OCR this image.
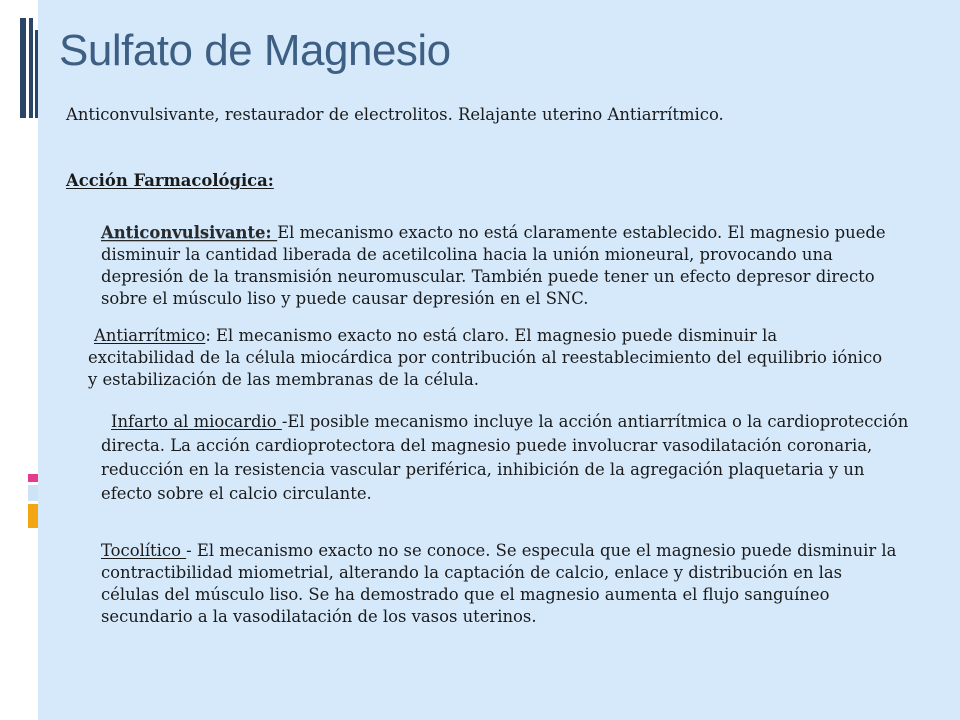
Sulfato de Magnesio

Anticonvulsivante, restaurador de electrolitos. Relajante uterino Antiarrítmico.

Acción Farmacológica:

Anticonvulsivante: El mecanismo exacto no está claramente establecido. El magnesio puede disminuir la cantidad liberada de acetilcolina hacia la unión mioneural, provocando una depresión de la transmisión neuromuscular. También puede tener un efecto depresor directo sobre el músculo liso y puede causar depresión en el SNC.
Antiarrítmico: El mecanismo exacto no está claro. El magnesio puede disminuir la excitabilidad de la célula miocárdica por contribución al reestablecimiento del equilibrio iónico y estabilización de las membranas de la célula.
Infarto al miocardio -El posible mecanismo incluye la acción antiarrítmica o la cardioprotección directa. La acción cardioprotectora del magnesio puede involucrar vasodilatación coronaria, reducción en la resistencia vascular periférica, inhibición de la agregación plaquetaria y un efecto sobre el calcio circulante.
Tocolítico - El mecanismo exacto no se conoce. Se especula que el magnesio puede disminuir la contractibilidad miometrial, alterando la captación de calcio, enlace y distribución en las células del músculo liso. Se ha demostrado que el magnesio aumenta el flujo sanguíneo secundario a la vasodilatación de los vasos uterinos.
